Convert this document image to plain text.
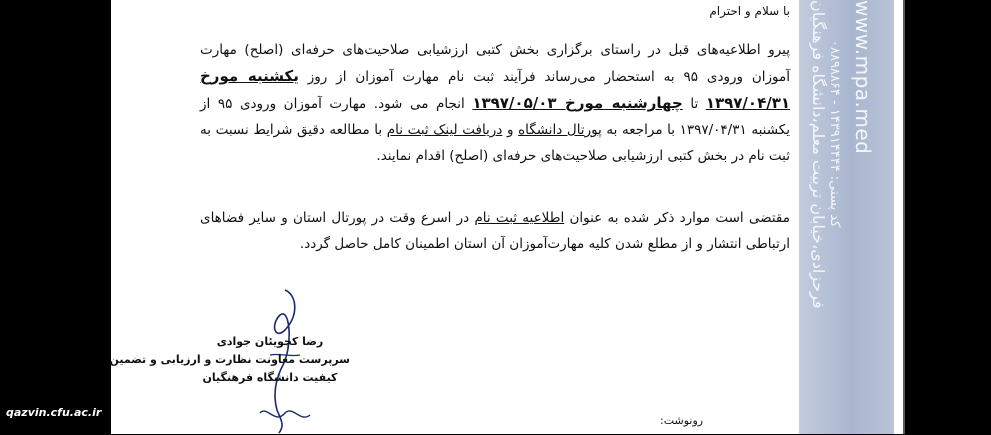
فرحزادی،خیابان تربیت معلم،دانشگاه فرهنگیان ۰۸۸۹۸۸۶۴ - کد پستی: ۱۴۳۹۱۴۴۴۴
www.mpa.med
با سلام و احترام
پیرو اطلاعیه‌های قبل در راستای برگزاری بخش کتبی ارزشیابی صلاحیت‌های حرفه‌ای (اصلح) مهارت آموزان ورودی ۹۵ به استحضار می‌رساند فرآیند ثبت نام مهارت آموزان از روز یکشنبه مورخ ۱۳۹۷/۰۴/۳۱ تا چهارشنبه مورخ ۱۳۹۷/۰۵/۰۳ انجام می شود. مهارت آموزان ورودی ۹۵ از یکشنبه ۱۳۹۷/۰۴/۳۱ با مراجعه به پورتال دانشگاه و دریافت لینک ثبت نام با مطالعه دقیق شرایط نسبت به ثبت نام در بخش کتبی ارزشیابی صلاحیت‌های حرفه‌ای (اصلح) اقدام نمایند.
مقتضی است موارد ذکر شده به عنوان اطلاعیه ثبت نام در اسرع وقت در پورتال استان و سایر فضاهای ارتباطی انتشار و از مطلع شدن کلیه مهارت‌آموزان آن استان اطمینان کامل حاصل گردد.
رضا کچویئان جوادی
سرپرست معاونت نظارت و ارزیابی و تضمین
کیفیت دانشگاه فرهنگیان
رونوشت:
qazvin.cfu.ac.ir
